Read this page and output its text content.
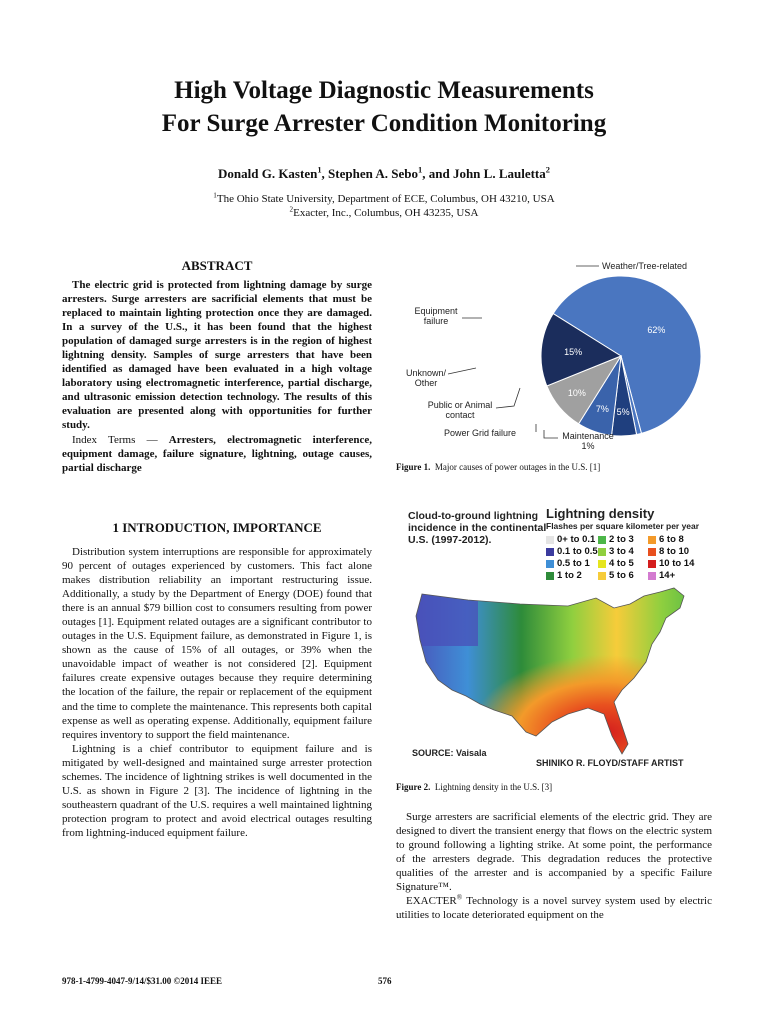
High Voltage Diagnostic Measurements
For Surge Arrester Condition Monitoring
Donald G. Kasten$^1$, Stephen A. Sebo$^1$, and John L. Lauletta$^2$
$^1$The Ohio State University, Department of ECE, Columbus, OH 43210, USA
$^2$Exacter, Inc., Columbus, OH 43235, USA
ABSTRACT

The electric grid is protected from lightning damage by surge arresters. Surge arresters are sacrificial elements that must be replaced to maintain lighting protection once they are damaged. In a survey of the U.S., it has been found that the highest population of damaged surge arresters is in the region of highest lightning density. Samples of surge arresters that have been identified as damaged have been evaluated in a high voltage laboratory using electromagnetic interference, partial discharge, and ultrasonic emission detection technology. The results of this evaluation are presented along with opportunities for further study.

Index Terms — Arresters, electromagnetic interference, equipment damage, failure signature, lightning, outage causes, partial discharge

1 INTRODUCTION, IMPORTANCE

Distribution system interruptions are responsible for approximately 90 percent of outages experienced by customers. This fact alone makes distribution reliability an important restructuring issue. Additionally, a study by the Department of Energy (DOE) found that there is an annual $79 billion cost to consumers resulting from power outages [1]. Equipment related outages are a significant contributor to outages in the U.S. Equipment failure, as demonstrated in Figure 1, is shown as the cause of 15% of all outages, or 39% when the unavoidable impact of weather is not considered [2]. Equipment failures create expensive outages because they require determining the location of the failure, the repair or replacement of the equipment and the time to complete the maintenance. This represents both capital expense as well as operating expense. Additionally, equipment failure requires inventory to support the field maintenance.

Lightning is a chief contributor to equipment failure and is mitigated by well-designed and maintained surge arrester protection schemes. The incidence of lightning strikes is well documented in the U.S. as shown in Figure 2 [3]. The incidence of lightning in the southeastern quadrant of the U.S. requires a well maintained lightning protection program to protect and avoid electrical outages resulting from lightning-induced equipment failure.

62%
5%
7%
10%
15%
Weather/Tree-related
Maintenance 1%
Power Grid failure
Public or Animal contact
Unknown/ Other
Equipment failure
Figure 1. Major causes of power outages in the U.S. [1]
Cloud-to-ground lightning
incidence in the continental
U.S. (1997-2012).
Lightning density
Flashes per square kilometer per year
0+ to 0.1
0.1 to 0.5
0.5 to 1
1 to 2
2 to 3
3 to 4
4 to 5
5 to 6
6 to 8
8 to 10
10 to 14
14+
SOURCE: Vaisala
SHINIKO R. FLOYD/STAFF ARTIST
Figure 2. Lightning density in the U.S. [3]

Surge arresters are sacrificial elements of the electric grid. They are designed to divert the transient energy that flows on the electric system to ground following a lighting strike. At some point, the performance of the arresters degrade. This degradation reduces the protective qualities of the arrester and is accompanied by a specific Failure Signature™.

EXACTER® Technology is a novel survey system used by electric utilities to locate deteriorated equipment on the

978-1-4799-4047-9/14/$31.00 ©2014 IEEE	576
